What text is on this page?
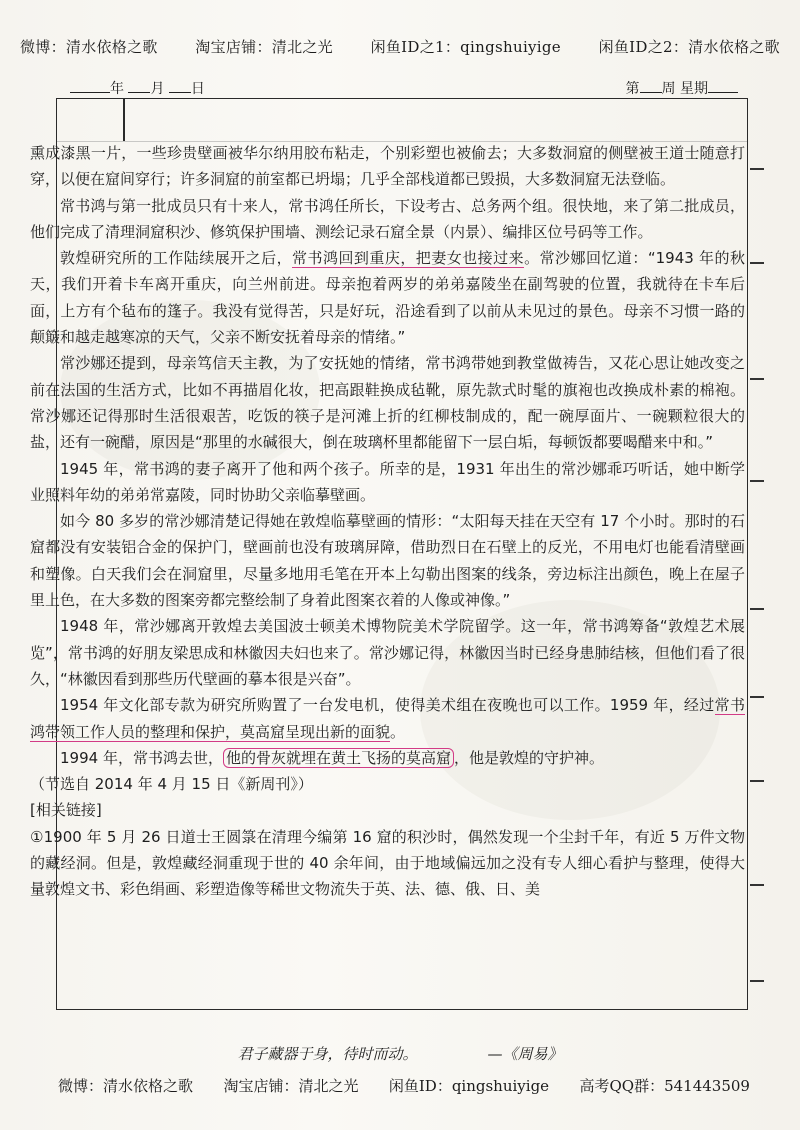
微博：清水依格之歌	淘宝店铺：清北之光	闲鱼ID之1：qingshuiyige	闲鱼ID之2：清水依格之歌
年 月 日	第 周 星期

熏成漆黑一片，一些珍贵壁画被华尔纳用胶布粘走，个别彩塑也被偷去；大多数洞窟的侧壁被王道士随意打穿，以便在窟间穿行；许多洞窟的前室都已坍塌；几乎全部栈道都已毁损，大多数洞窟无法登临。

常书鸿与第一批成员只有十来人，常书鸿任所长，下设考古、总务两个组。很快地，来了第二批成员，他们完成了清理洞窟积沙、修筑保护围墙、测绘记录石窟全景（内景）、编排区位号码等工作。

敦煌研究所的工作陆续展开之后，常书鸿回到重庆，把妻女也接过来。常沙娜回忆道：“1943 年的秋天，我们开着卡车离开重庆，向兰州前进。母亲抱着两岁的弟弟嘉陵坐在副驾驶的位置，我就待在卡车后面，上方有个毡布的篷子。我没有觉得苦，只是好玩，沿途看到了以前从未见过的景色。母亲不习惯一路的颠簸和越走越寒凉的天气，父亲不断安抚着母亲的情绪。”

常沙娜还提到，母亲笃信天主教，为了安抚她的情绪，常书鸿带她到教堂做祷告，又花心思让她改变之前在法国的生活方式，比如不再描眉化妆，把高跟鞋换成毡靴，原先款式时髦的旗袍也改换成朴素的棉袍。常沙娜还记得那时生活很艰苦，吃饭的筷子是河滩上折的红柳枝制成的，配一碗厚面片、一碗颗粒很大的盐，还有一碗醋，原因是“那里的水碱很大，倒在玻璃杯里都能留下一层白垢，每顿饭都要喝醋来中和。”

1945 年，常书鸿的妻子离开了他和两个孩子。所幸的是，1931 年出生的常沙娜乖巧听话，她中断学业照料年幼的弟弟常嘉陵，同时协助父亲临摹壁画。

如今 80 多岁的常沙娜清楚记得她在敦煌临摹壁画的情形：“太阳每天挂在天空有 17 个小时。那时的石窟都没有安装铝合金的保护门，壁画前也没有玻璃屏障，借助烈日在石壁上的反光，不用电灯也能看清壁画和塑像。白天我们会在洞窟里，尽量多地用毛笔在开本上勾勒出图案的线条，旁边标注出颜色，晚上在屋子里上色，在大多数的图案旁都完整绘制了身着此图案衣着的人像或神像。”

1948 年，常沙娜离开敦煌去美国波士顿美术博物院美术学院留学。这一年，常书鸿筹备“敦煌艺术展览”，常书鸿的好朋友梁思成和林徽因夫妇也来了。常沙娜记得，林徽因当时已经身患肺结核，但他们看了很久，“林徽因看到那些历代壁画的摹本很是兴奋”。

1954 年文化部专款为研究所购置了一台发电机，使得美术组在夜晚也可以工作。1959 年，经过常书鸿带领工作人员的整理和保护，莫高窟呈现出新的面貌。

1994 年，常书鸿去世， 他的骨灰就埋在黄土飞扬的莫高窟 ，他是敦煌的守护神。

（节选自 2014 年 4 月 15 日《新周刊》）

[相关链接]

①1900 年 5 月 26 日道士王圆箓在清理今编第 16 窟的积沙时，偶然发现一个尘封千年，有近 5 万件文物的藏经洞。但是，敦煌藏经洞重现于世的 40 余年间，由于地域偏远加之没有专人细心看护与整理，使得大量敦煌文书、彩色绢画、彩塑造像等稀世文物流失于英、法、德、俄、日、美

君子藏器于身，待时而动。	—《周易》
微博：清水依格之歌 淘宝店铺：清北之光 闲鱼ID：qingshuiyige 高考QQ群：541443509
